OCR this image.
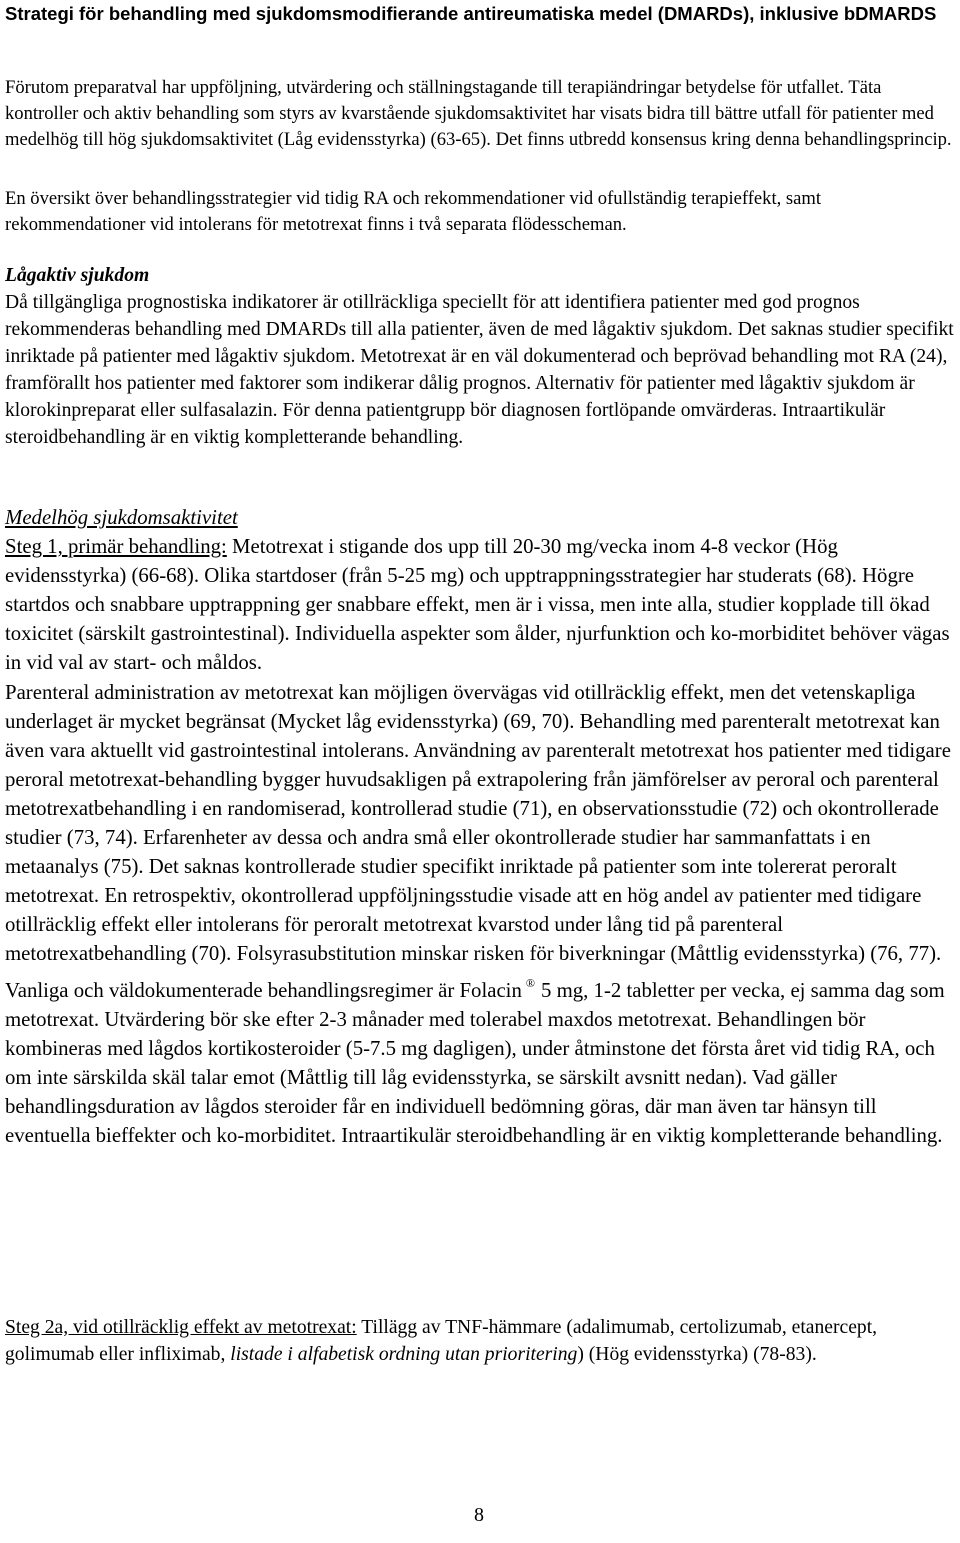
Strategi för behandling med sjukdomsmodifierande antireumatiska medel (DMARDs), inklusive bDMARDS

Förutom preparatval har uppföljning, utvärdering och ställningstagande till terapiändringar betydelse för utfallet. Täta kontroller och aktiv behandling som styrs av kvarstående sjukdomsaktivitet har visats bidra till bättre utfall för patienter med medelhög till hög sjukdomsaktivitet (Låg evidensstyrka) (63-65). Det finns utbredd konsensus kring denna behandlingsprincip.

En översikt över behandlingsstrategier vid tidig RA och rekommendationer vid ofullständig terapieffekt, samt rekommendationer vid intolerans för metotrexat finns i två separata flödesscheman.

Lågaktiv sjukdom

Då tillgängliga prognostiska indikatorer är otillräckliga speciellt för att identifiera patienter med god prognos rekommenderas behandling med DMARDs till alla patienter, även de med lågaktiv sjukdom. Det saknas studier specifikt inriktade på patienter med lågaktiv sjukdom. Metotrexat är en väl dokumenterad och beprövad behandling mot RA (24), framförallt hos patienter med faktorer som indikerar dålig prognos. Alternativ för patienter med lågaktiv sjukdom är klorokinpreparat eller sulfasalazin. För denna patientgrupp bör diagnosen fortlöpande omvärderas. Intraartikulär steroidbehandling är en viktig kompletterande behandling.

Medelhög sjukdomsaktivitet

Steg 1, primär behandling: Metotrexat i stigande dos upp till 20-30 mg/vecka inom 4-8 veckor (Hög evidensstyrka) (66-68). Olika startdoser (från 5-25 mg) och upptrappningsstrategier har studerats (68). Högre startdos och snabbare upptrappning ger snabbare effekt, men är i vissa, men inte alla, studier kopplade till ökad toxicitet (särskilt gastrointestinal). Individuella aspekter som ålder, njurfunktion och ko-morbiditet behöver vägas in vid val av start- och måldos.

Parenteral administration av metotrexat kan möjligen övervägas vid otillräcklig effekt, men det vetenskapliga underlaget är mycket begränsat (Mycket låg evidensstyrka) (69, 70). Behandling med parenteralt metotrexat kan även vara aktuellt vid gastrointestinal intolerans. Användning av parenteralt metotrexat hos patienter med tidigare peroral metotrexat-behandling bygger huvudsakligen på extrapolering från jämförelser av peroral och parenteral metotrexatbehandling i en randomiserad, kontrollerad studie (71), en observationsstudie (72) och okontrollerade studier (73, 74). Erfarenheter av dessa och andra små eller okontrollerade studier har sammanfattats i en metaanalys (75). Det saknas kontrollerade studier specifikt inriktade på patienter som inte tolererat peroralt metotrexat. En retrospektiv, okontrollerad uppföljningsstudie visade att en hög andel av patienter med tidigare otillräcklig effekt eller intolerans för peroralt metotrexat kvarstod under lång tid på parenteral metotrexatbehandling (70). Folsyrasubstitution minskar risken för biverkningar (Måttlig evidensstyrka) (76, 77).

Vanliga och väldokumenterade behandlingsregimer är Folacin ® 5 mg, 1-2 tabletter per vecka, ej samma dag som metotrexat. Utvärdering bör ske efter 2-3 månader med tolerabel maxdos metotrexat. Behandlingen bör kombineras med lågdos kortikosteroider (5-7.5 mg dagligen), under åtminstone det första året vid tidig RA, och om inte särskilda skäl talar emot (Måttlig till låg evidensstyrka, se särskilt avsnitt nedan). Vad gäller behandlingsduration av lågdos steroider får en individuell bedömning göras, där man även tar hänsyn till eventuella bieffekter och ko-morbiditet. Intraartikulär steroidbehandling är en viktig kompletterande behandling.

Steg 2a, vid otillräcklig effekt av metotrexat: Tillägg av TNF-hämmare (adalimumab, certolizumab, etanercept, golimumab eller infliximab, listade i alfabetisk ordning utan prioritering) (Hög evidensstyrka) (78-83).

8
